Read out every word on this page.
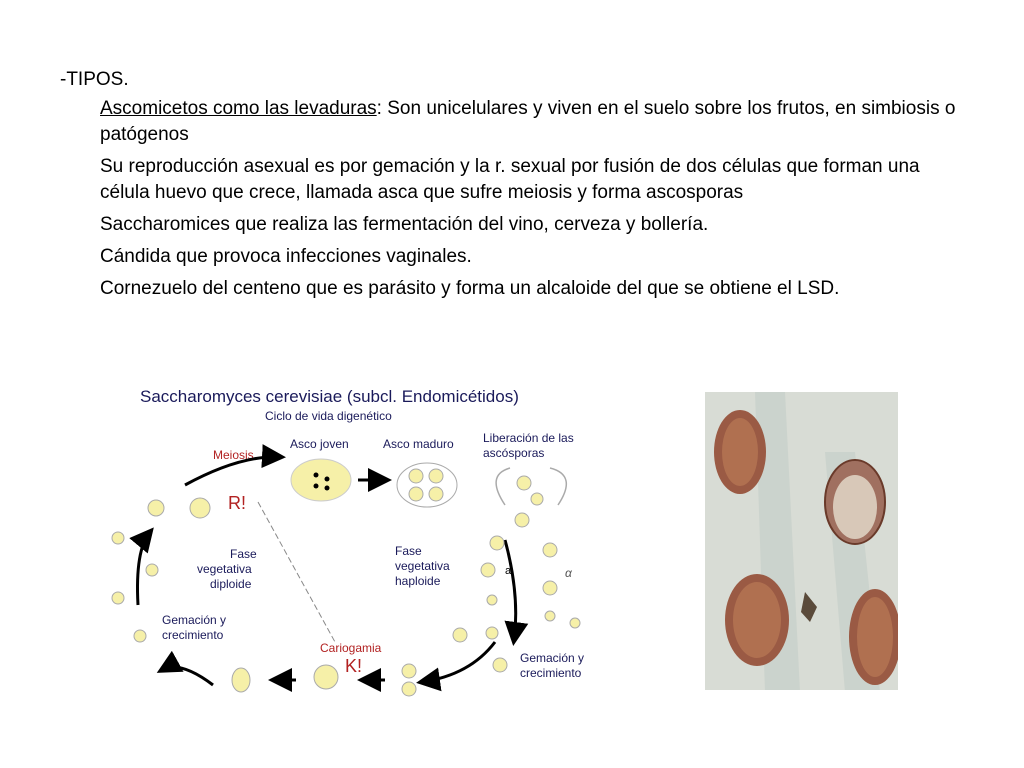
-TIPOS.

Ascomicetos como las levaduras: Son unicelulares y viven en el suelo sobre los frutos, en simbiosis o patógenos

Su reproducción asexual es por gemación y la r. sexual por fusión de dos células que forman una célula huevo que crece, llamada asca que sufre meiosis y forma ascosporas

Saccharomices que realiza las fermentación del vino, cerveza y bollería.

Cándida que provoca infecciones vaginales.

Cornezuelo del centeno que es parásito y forma un alcaloide del que se obtiene el LSD.

Saccharomyces cerevisiae (subcl. Endomicétidos)
Ciclo de vida digenético
Meiosis
R!
Asco joven	Asco maduro Liberación de las
ascósporas
Fase
vegetativa
haploide
a	α
Gemación y
crecimiento
Cariogamia
K!
Fase
vegetativa
diploide
Gemación y
crecimiento
